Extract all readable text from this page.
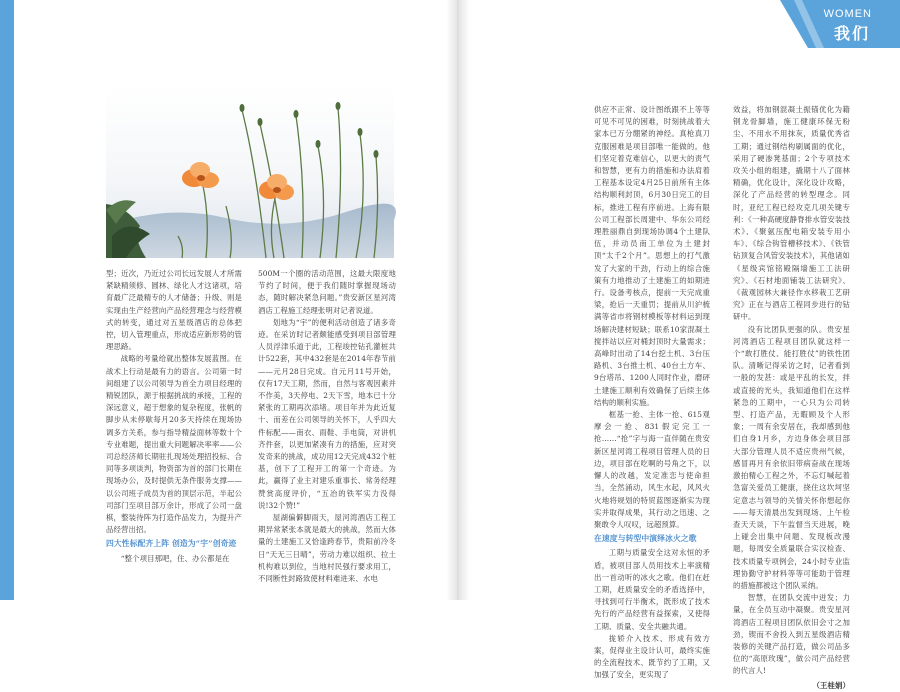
型；近次，乃近过公司长远发展人才所需紧缺精须修、圆林、绿化人才这诸项，培育最广泛最精专的人才储备；升级、则是实现由生产经营向产品经营理念与经营模式的转变，通过对五星级酒店的总体把控，切入管理重点，形成适应新形势的管理思路。

战略的考量给就出整体发展蓝图。在战术上行动是最有力的语言。公司第一时间组建了以公司领导为首全力项目经理的精锐团队，源于根据挑战的承接，工程的深远意义，超于想象的复杂程度，张帆的脚步从未停歇每月20多天持续在现场协调多方关系，参与指导精益面林等数十个专业难题，提出重大问题解决率率——公司总经济师长期驻扎现场处理招投标、合同等多项谈判，物资部为首的部门长期在现场办公，及时提供无条件服务支撑——以公司班子成员为首的顶层示范，半起公司部门至项目部万余计，形成了公司一盘棋，整装待阵为打造作品发力，为提升产品经营出招。

四大性标配齐上阵 创造为“宇”创奇迹

“整个项目那吧，住、办公都是在

500M一个圈的活动范围，这最大限度地节约了时间，便于我们随时掌握现场动态，随时解决紧急问题。”贵安新区星河湾酒店工程施工经理张明对记者说道。

划地为“宇”的便利活动创造了诸多奇迹。在采访时记者颇能感受到项目部管理人员浮津乐道于此，工程竣控钻孔灌桩共计522套，其中432套是在2014年春节前——元月28日完成。自元月11号开始，仅有17天工期，然而，自然与客观因素并不作美，3天停电、2天下雪，地本已十分紧张的工期再次添堵。项目年并为此近复十、而差在公司领导的关怀下，人乎四大件标配——南衣、雨鞋、手电筒，对讲机齐件套，以更加紧凑有力的措施，应对突发奇来的挑战，成功用12天完成432个桩基，创下了工程开工的第一个奇迹。为此，赢得了业主对建乐重事长、常务经理赞赏高度评价，“五冶的铁军实力没得说!32个赞!”

屋湖偏僻脚雨天，屋河湾酒店工程工期异常紧张本就是最大的挑战，然而大体量的土建施工又恰逢跨春节，贵阳前冷冬日“天无三日晴”，劳动力难以组织、拉土机构难以到位，当地村民强行要求用工，不同断性封路致使材料难进来、水电

WOMEN
我们

供应不正常、设计图纸跟不上等等可见不可见的困难，时刻挑战着大家本已万分绷紧的神经。真枪真刀克服困难是项目部唯一能做的。他们坚定着克难信心，以更大的责气和智慧，更有力的措施和办法肩着工程基本设定4月25日前所有主体结构顺利封顶，6月30日完工的目标，推进工程有序前进。上海有限公司工程部长周建中、华东公司经理胜丽鼎自到现场协调4个土建队伍，并动员南工单位为土建封顶“太千2个月”。思想上的打气激发了大家的干劲，行动上的综合施策有力地推动了土建施工的如期进行。设备考核点，提前一天完成重梁，抢后一天重罚；提前从川沪梳 满等省市将钢材模板等材料运到现场解决建材短缺；联系10家混凝土搅拌站以应对桶封顶时大量需求；高峰时出动了14台挖土机、3台压路机、3台推土机、40台土方车、9台塔吊、1200人同时作业，磨砰土建施工顺利有效确保了后续主体结构的顺利实施。

框基一抢、主体一抢、615观摩会一抢、831假定完工一抢……“抢”字与海一直伴随在贵安新区星河湾工程项目管理人员的日边，项目部在吃啊的号角之下，以懈人的改越，发定准恋与使命担当，全然涌动，风生水起，风风火火地将规划的特贸蓝图逐渐实为现实并取得成果，其行动之迅速、之聚敢令人叹叹，远超预算。

在速度与转型中演绎冰火之歌

工期与质量安全这对永恒的矛盾，被项目部人员用技术上率演精出一首动听的冰火之歌。他们在赶工期，赶质量安全的矛盾选择中，寻找到可行半衡术，既形成了技术先行的产品经营有益探索，又使得工期、质量、安全共融共通。

拢轿介入技术、形成有效方案，促得业主设计认可，最终实施的全流程技术、既节约了工期，又加强了安全，更实现了

效益，将加钢混凝土振锚优化为籍钢龙骨脚墙，施工健康环保无粉尘、不用水不用抹灰，质量优秀省工期；通过钢结构刷属面的优化，采用了硬渗凳基面；2个专项技术攻关小组的组建，撬期十八了面林精确，优化设计，深化设计攻略，深化了产品经营的转型理念。同时，亚纪工程已经攻克几项关键专利：《一种高硬度静脊排水管安装技术》、《聚氨压配电箱安装专用小车》、《综合钩管槽移技术》、《铁管钻顶复合风管安装技术》，其他诸如《星级宾馆铭殿隔墙施工工法研究》、《石材地面铺装工法研究》、《裁观园林大兼径作水移栽工艺研究》正在与酒店工程同步进行的钻研中。

没有比团队更强的队。贵安星河湾酒店工程项目团队就这样一个“敢打胜仗、能打胜仗”的铁性团队。清晰记得采访之时，记者看到一般的发甚：或是平乱的长发，拌或直接的光头，我知道他们在这样紧急的工期中，一心只为公司转型、打造产品，无暇顾及个人形象；一周有余安居在，我却感到他们自身1月乡，方边身体会项目部大部分管理人员不适应贵州气候，感冒再月有余依旧带病奋战在现场激拍精心工程之外，不忘灯喊起着急富关爱员工健康，挠住这坎坷坚定意志与领导的关情关怀你想起你——每天清晨出发到现场、上午检查天天谈，下午监督当天进展，晚上碰会出集中问题、发现板改漫题，每周安全质量联合实汉检查、技术质量专项例会，24小时专业监理协勤守护材料等等可能助于管理的措施都被这个团队采纳。

智慧，在团队交流中迸发；力量，在全员互动中凝聚。贵安星河湾酒店工程项目团队依旧会寸之加劲，锲而不舍投入到五星级酒店精装修的关键产品打造，做公司品多位的“高原玫瑰”，做公司产品经营的代言人!

（王桂娟）
